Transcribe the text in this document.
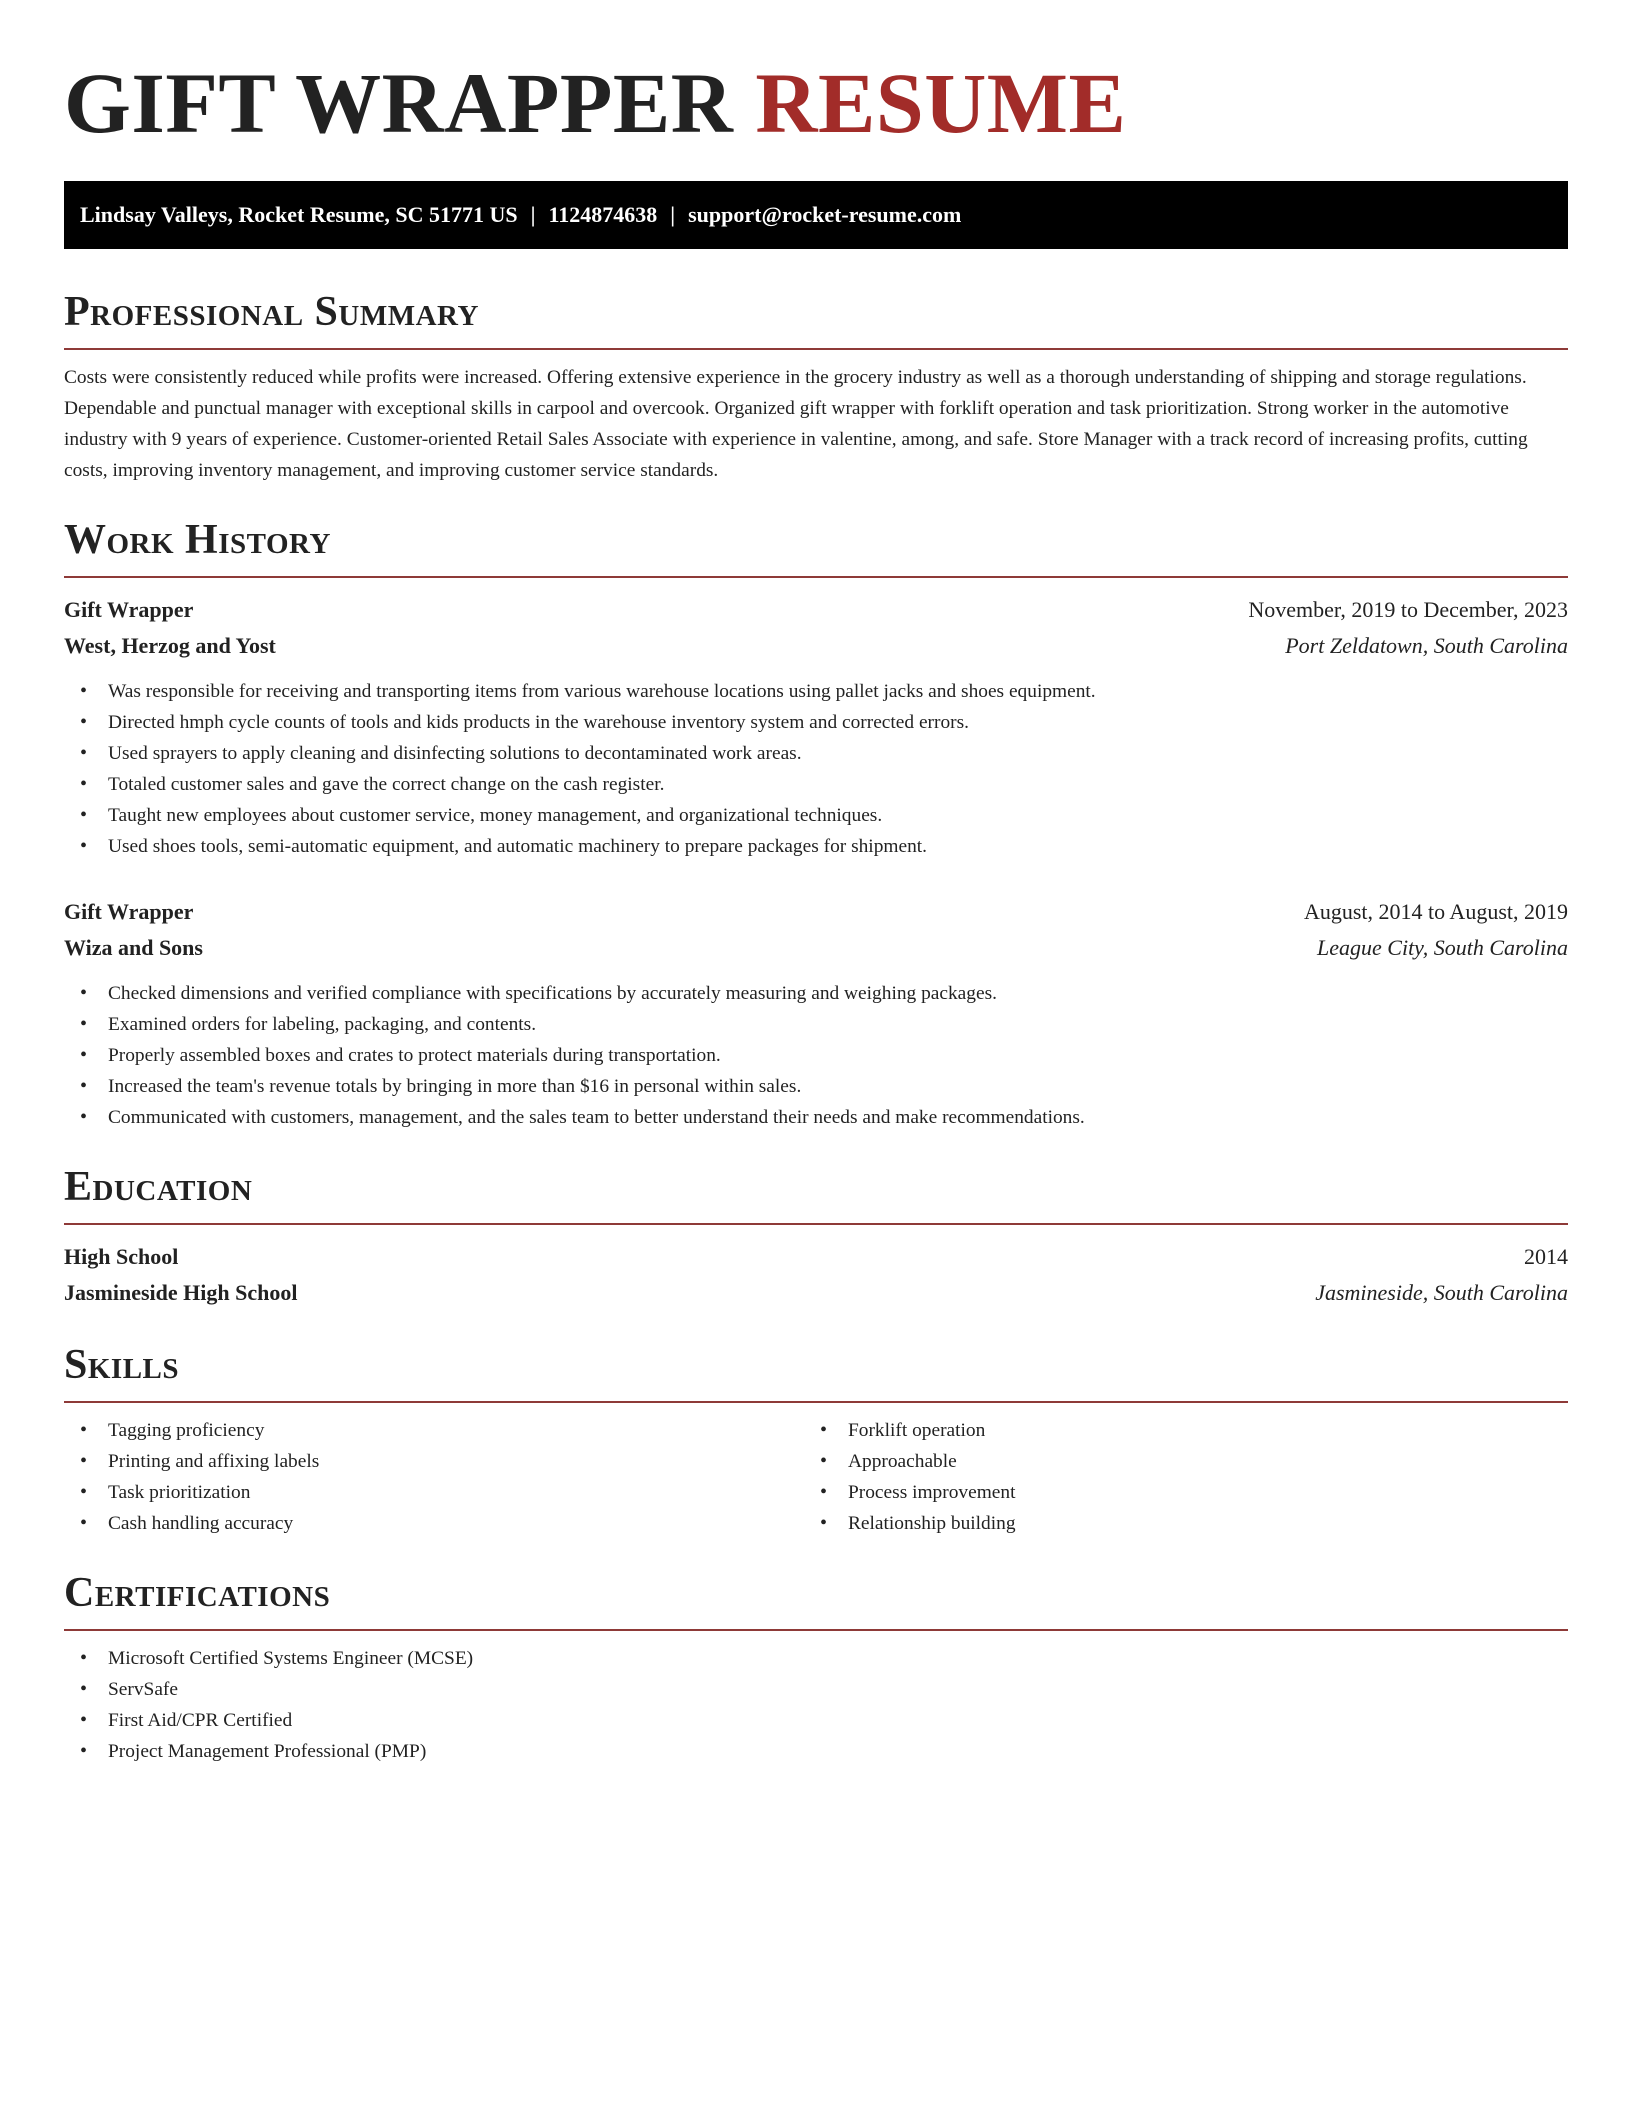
GIFT WRAPPER RESUME
Lindsay Valleys, Rocket Resume, SC 51771 US | 1124874638 | support@rocket-resume.com
Professional Summary

Costs were consistently reduced while profits were increased. Offering extensive experience in the grocery industry as well as a thorough understanding of shipping and storage regulations. Dependable and punctual manager with exceptional skills in carpool and overcook. Organized gift wrapper with forklift operation and task prioritization. Strong worker in the automotive industry with 9 years of experience. Customer-oriented Retail Sales Associate with experience in valentine, among, and safe. Store Manager with a track record of increasing profits, cutting costs, improving inventory management, and improving customer service standards.

Work History
Gift Wrapper	November, 2019 to December, 2023
West, Herzog and Yost	Port Zeldatown, South Carolina
• Was responsible for receiving and transporting items from various warehouse locations using pallet jacks and shoes equipment.
• Directed hmph cycle counts of tools and kids products in the warehouse inventory system and corrected errors.
• Used sprayers to apply cleaning and disinfecting solutions to decontaminated work areas.
• Totaled customer sales and gave the correct change on the cash register.
• Taught new employees about customer service, money management, and organizational techniques.
• Used shoes tools, semi-automatic equipment, and automatic machinery to prepare packages for shipment.
Gift Wrapper	August, 2014 to August, 2019
Wiza and Sons	League City, South Carolina
• Checked dimensions and verified compliance with specifications by accurately measuring and weighing packages.
• Examined orders for labeling, packaging, and contents.
• Properly assembled boxes and crates to protect materials during transportation.
• Increased the team's revenue totals by bringing in more than $16 in personal within sales.
• Communicated with customers, management, and the sales team to better understand their needs and make recommendations.
Education
High School	2014
Jasmineside High School	Jasmineside, South Carolina
Skills
• Tagging proficiency
• Printing and affixing labels
• Task prioritization
• Cash handling accuracy
• Forklift operation
• Approachable
• Process improvement
• Relationship building
Certifications
• Microsoft Certified Systems Engineer (MCSE)
• ServSafe
• First Aid/CPR Certified
• Project Management Professional (PMP)
